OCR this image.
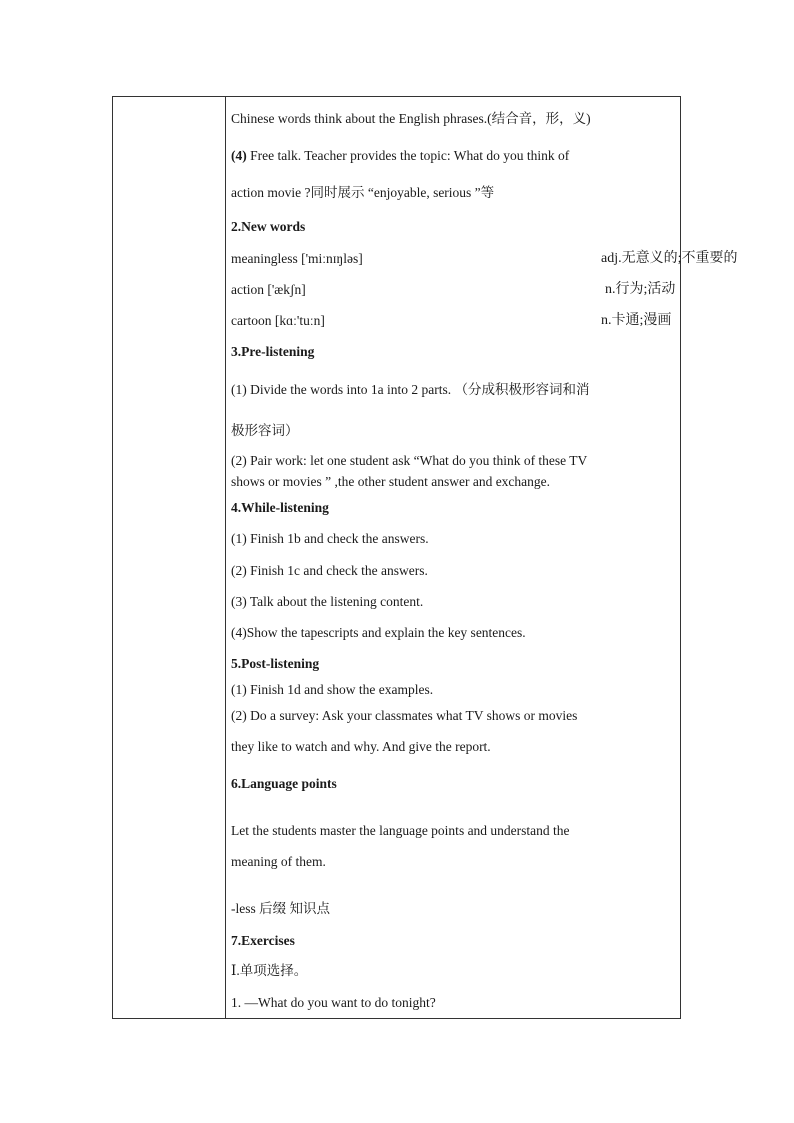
Chinese words think about the English phrases.(结合音，形，义)
(4) Free talk. Teacher provides the topic: What do you think of
action movie ?同时展示 “enjoyable, serious ”等
2.New words
meaningless ['miːnɪŋləs]	adj.无意义的;不重要的
action ['ækʃn]	n.行为;活动
cartoon [kɑː'tuːn]	n.卡通;漫画
3.Pre-listening
(1) Divide the words into 1a into 2 parts. （分成积极形容词和消
极形容词）
(2) Pair work: let one student ask “What do you think of these TV
shows or movies ” ,the other student answer and exchange.
4.While-listening
(1) Finish 1b and check the answers.
(2) Finish 1c and check the answers.
(3) Talk about the listening content.
(4)Show the tapescripts and explain the key sentences.
5.Post-listening
(1) Finish 1d and show the examples.
(2) Do a survey: Ask your classmates what TV shows or movies
they like to watch and why. And give the report.
6.Language points
Let the students master the language points and understand the
meaning of them.
-less 后缀 知识点
7.Exercises
Ⅰ.单项选择。
1. —What do you want to do tonight?
